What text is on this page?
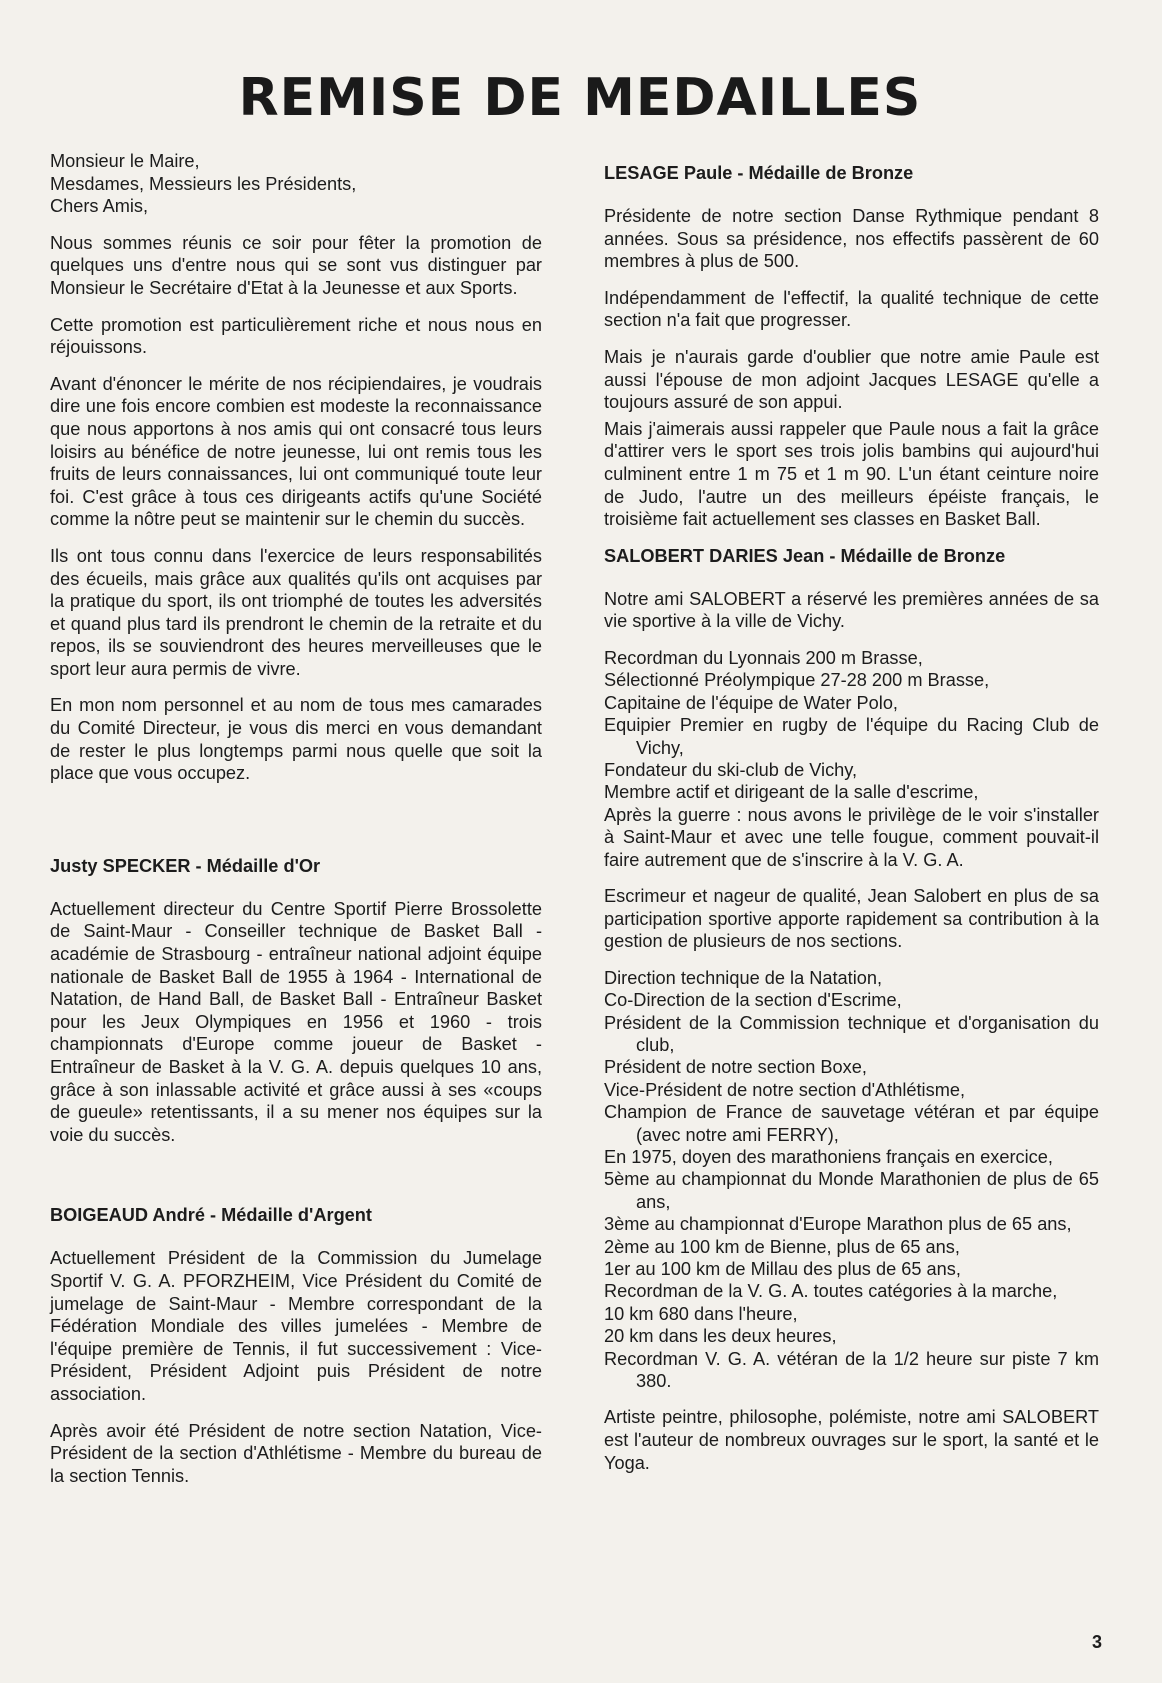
REMISE DE MEDAILLES

Monsieur le Maire,

Mesdames, Messieurs les Présidents,

Chers Amis,

Nous sommes réunis ce soir pour fêter la promotion de quelques uns d'entre nous qui se sont vus distinguer par Monsieur le Secrétaire d'Etat à la Jeunesse et aux Sports.

Cette promotion est particulièrement riche et nous nous en réjouissons.

Avant d'énoncer le mérite de nos récipiendaires, je voudrais dire une fois encore combien est modeste la reconnaissance que nous apportons à nos amis qui ont consacré tous leurs loisirs au bénéfice de notre jeunesse, lui ont remis tous les fruits de leurs connaissances, lui ont communiqué toute leur foi. C'est grâce à tous ces dirigeants actifs qu'une Société comme la nôtre peut se maintenir sur le chemin du succès.

Ils ont tous connu dans l'exercice de leurs responsabilités des écueils, mais grâce aux qualités qu'ils ont acquises par la pratique du sport, ils ont triomphé de toutes les adversités et quand plus tard ils prendront le chemin de la retraite et du repos, ils se souviendront des heures merveilleuses que le sport leur aura permis de vivre.

En mon nom personnel et au nom de tous mes camarades du Comité Directeur, je vous dis merci en vous demandant de rester le plus longtemps parmi nous quelle que soit la place que vous occupez.

Justy SPECKER - Médaille d'Or

Actuellement directeur du Centre Sportif Pierre Brossolette de Saint-Maur - Conseiller technique de Basket Ball - académie de Strasbourg - entraîneur national adjoint équipe nationale de Basket Ball de 1955 à 1964 - International de Natation, de Hand Ball, de Basket Ball - Entraîneur Basket pour les Jeux Olympiques en 1956 et 1960 - trois championnats d'Europe comme joueur de Basket - Entraîneur de Basket à la V. G. A. depuis quelques 10 ans, grâce à son inlassable activité et grâce aussi à ses «coups de gueule» retentissants, il a su mener nos équipes sur la voie du succès.

BOIGEAUD André - Médaille d'Argent

Actuellement Président de la Commission du Jumelage Sportif V. G. A. PFORZHEIM, Vice Président du Comité de jumelage de Saint-Maur - Membre correspondant de la Fédération Mondiale des villes jumelées - Membre de l'équipe première de Tennis, il fut successivement : Vice-Président, Président Adjoint puis Président de notre association.

Après avoir été Président de notre section Natation, Vice-Président de la section d'Athlétisme - Membre du bureau de la section Tennis.

LESAGE Paule - Médaille de Bronze

Présidente de notre section Danse Rythmique pendant 8 années. Sous sa présidence, nos effectifs passèrent de 60 membres à plus de 500.

Indépendamment de l'effectif, la qualité technique de cette section n'a fait que progresser.

Mais je n'aurais garde d'oublier que notre amie Paule est aussi l'épouse de mon adjoint Jacques LESAGE qu'elle a toujours assuré de son appui.

Mais j'aimerais aussi rappeler que Paule nous a fait la grâce d'attirer vers le sport ses trois jolis bambins qui aujourd'hui culminent entre 1 m 75 et 1 m 90. L'un étant ceinture noire de Judo, l'autre un des meilleurs épéiste français, le troisième fait actuellement ses classes en Basket Ball.

SALOBERT DARIES Jean - Médaille de Bronze

Notre ami SALOBERT a réservé les premières années de sa vie sportive à la ville de Vichy.

Recordman du Lyonnais 200 m Brasse,
Sélectionné Préolympique 27-28 200 m Brasse,
Capitaine de l'équipe de Water Polo,
Equipier Premier en rugby de l'équipe du Racing Club de Vichy,
Fondateur du ski-club de Vichy,
Membre actif et dirigeant de la salle d'escrime,
Après la guerre : nous avons le privilège de le voir s'installer à Saint-Maur et avec une telle fougue, comment pouvait-il faire autrement que de s'inscrire à la V. G. A.

Escrimeur et nageur de qualité, Jean Salobert en plus de sa participation sportive apporte rapidement sa contribution à la gestion de plusieurs de nos sections.

Direction technique de la Natation,
Co-Direction de la section d'Escrime,
Président de la Commission technique et d'organisation du club,
Président de notre section Boxe,
Vice-Président de notre section d'Athlétisme,
Champion de France de sauvetage vétéran et par équipe (avec notre ami FERRY),
En 1975, doyen des marathoniens français en exercice,
5ème au championnat du Monde Marathonien de plus de 65 ans,
3ème au championnat d'Europe Marathon plus de 65 ans,
2ème au 100 km de Bienne, plus de 65 ans,
1er au 100 km de Millau des plus de 65 ans,
Recordman de la V. G. A. toutes catégories à la marche,
10 km 680 dans l'heure,
20 km dans les deux heures,
Recordman V. G. A. vétéran de la 1/2 heure sur piste 7 km 380.

Artiste peintre, philosophe, polémiste, notre ami SALOBERT est l'auteur de nombreux ouvrages sur le sport, la santé et le Yoga.

3
